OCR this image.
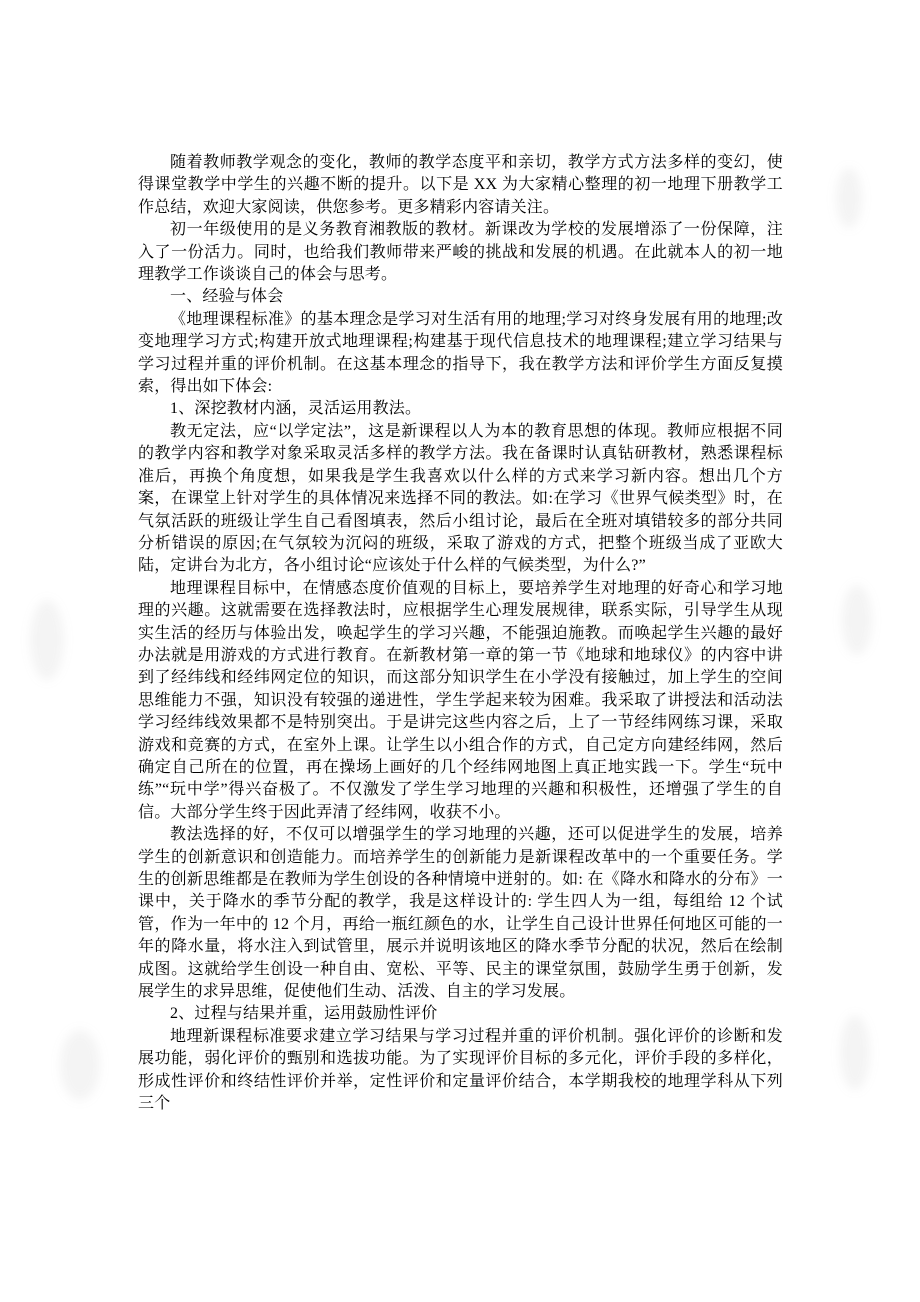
随着教师教学观念的变化，教师的教学态度平和亲切，教学方式方法多样的变幻，使得课堂教学中学生的兴趣不断的提升。以下是 XX 为大家精心整理的初一地理下册教学工作总结，欢迎大家阅读，供您参考。更多精彩内容请关注。

初一年级使用的是义务教育湘教版的教材。新课改为学校的发展增添了一份保障，注入了一份活力。同时，也给我们教师带来严峻的挑战和发展的机遇。在此就本人的初一地理教学工作谈谈自己的体会与思考。

一、经验与体会

《地理课程标准》的基本理念是学习对生活有用的地理;学习对终身发展有用的地理;改变地理学习方式;构建开放式地理课程;构建基于现代信息技术的地理课程;建立学习结果与学习过程并重的评价机制。在这基本理念的指导下，我在教学方法和评价学生方面反复摸索，得出如下体会:

1、深挖教材内涵，灵活运用教法。

教无定法，应“以学定法”，这是新课程以人为本的教育思想的体现。教师应根据不同的教学内容和教学对象采取灵活多样的教学方法。我在备课时认真钻研教材，熟悉课程标准后，再换个角度想，如果我是学生我喜欢以什么样的方式来学习新内容。想出几个方案，在课堂上针对学生的具体情况来选择不同的教法。如:在学习《世界气候类型》时，在气氛活跃的班级让学生自己看图填表，然后小组讨论，最后在全班对填错较多的部分共同分析错误的原因;在气氛较为沉闷的班级，采取了游戏的方式，把整个班级当成了亚欧大陆，定讲台为北方，各小组讨论“应该处于什么样的气候类型，为什么?”

地理课程目标中，在情感态度价值观的目标上，要培养学生对地理的好奇心和学习地理的兴趣。这就需要在选择教法时，应根据学生心理发展规律，联系实际，引导学生从现实生活的经历与体验出发，唤起学生的学习兴趣，不能强迫施教。而唤起学生兴趣的最好办法就是用游戏的方式进行教育。在新教材第一章的第一节《地球和地球仪》的内容中讲到了经纬线和经纬网定位的知识，而这部分知识学生在小学没有接触过，加上学生的空间思维能力不强，知识没有较强的递进性，学生学起来较为困难。我采取了讲授法和活动法学习经纬线效果都不是特别突出。于是讲完这些内容之后，上了一节经纬网练习课，采取游戏和竞赛的方式，在室外上课。让学生以小组合作的方式，自己定方向建经纬网，然后确定自己所在的位置，再在操场上画好的几个经纬网地图上真正地实践一下。学生“玩中练”“玩中学”得兴奋极了。不仅激发了学生学习地理的兴趣和积极性，还增强了学生的自信。大部分学生终于因此弄清了经纬网，收获不小。

教法选择的好，不仅可以增强学生的学习地理的兴趣，还可以促进学生的发展，培养学生的创新意识和创造能力。而培养学生的创新能力是新课程改革中的一个重要任务。学生的创新思维都是在教师为学生创设的各种情境中迸射的。如: 在《降水和降水的分布》一课中，关于降水的季节分配的教学，我是这样设计的: 学生四人为一组，每组给 12 个试管，作为一年中的 12 个月，再给一瓶红颜色的水，让学生自己设计世界任何地区可能的一年的降水量，将水注入到试管里，展示并说明该地区的降水季节分配的状况，然后在绘制成图。这就给学生创设一种自由、宽松、平等、民主的课堂氛围，鼓励学生勇于创新，发展学生的求异思维，促使他们生动、活泼、自主的学习发展。

2、过程与结果并重，运用鼓励性评价

地理新课程标准要求建立学习结果与学习过程并重的评价机制。强化评价的诊断和发展功能，弱化评价的甄别和选拔功能。为了实现评价目标的多元化，评价手段的多样化，形成性评价和终结性评价并举，定性评价和定量评价结合，本学期我校的地理学科从下列三个
